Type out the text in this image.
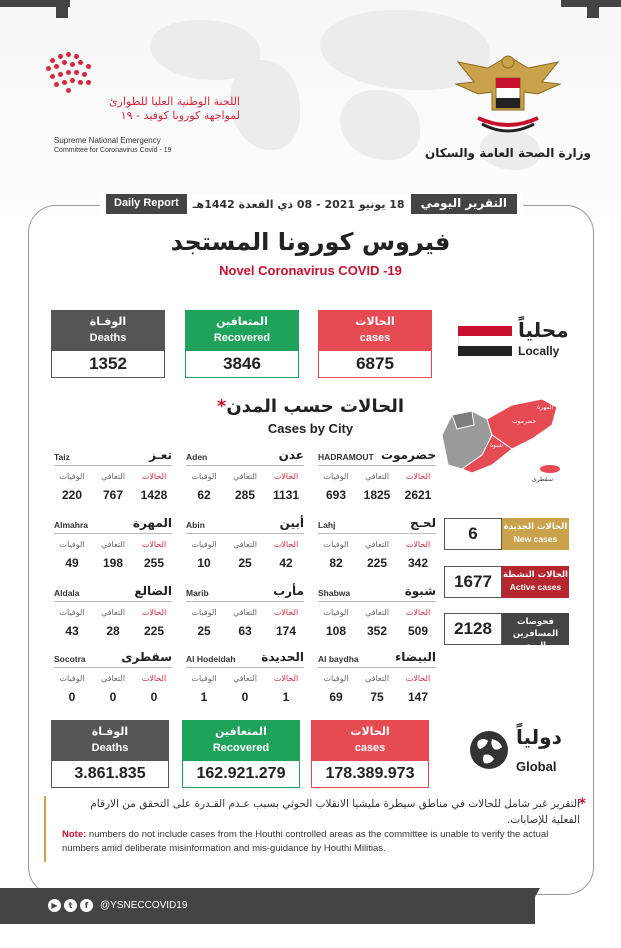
اللجنة الوطنية العليا للطوارئ
لمواجهة كورونا كوفيد - ١٩
Supreme National Emergency
Committee for Coronavirus Covid - 19	وزارة الصحة العامة والسكان
Daily Report	18 يونيو 2021 - 08 ذي القعدة 1442هـ	التقرير اليومي
فيروس كورونا المستجد
Novel Coronavirus COVID -19
الحالات
cases
6875
المتعافين
Recovered
3846
الوفـاة
Deaths
1352
محلياً
Locally
الحالات حسب المدن*
Cases by City	حضرموت
المهرة
شبوة
سقطرى
HADRAMOUT حضرموت
الوفيات	التعافي	الحالات
693	1825	2621
Aden	عدن
الوفيات	التعافي	الحالات
62	285	1131
Taiz	تعـز
الوفيات	التعافي	الحالات
220	767	1428
Lahj	لحـج
الوفيات	التعافي	الحالات
82	225	342
Abin	أبين
الوفيات	التعافي	الحالات
10	25	42
Almahra	المهرة
الوفيات	التعافي	الحالات
49	198	255
Shabwa	شبوة
الوفيات	التعافي	الحالات
108	352	509
Marib	مأرب
الوفيات	التعافي	الحالات
25	63	174
Aldala	الضالع
الوفيات	التعافي	الحالات
43	28	225
Al baydha	البيضاء
الوفيات	التعافي	الحالات
69	75	147
Al Hodeidah الحديدة
الوفيات	التعافي	الحالات
1	0	1
Socotra	سقطرى
الوفيات	التعافي	الحالات
0	0	0
6	الحالات الجديدة
New cases
1677	الحالات النشطة
Active cases
2128	فحوصات المسافرين اليوم
PCR
الحالات
cases
178.389.973
المتعافين
Recovered
162.921.279
الوفـاة
Deaths
3.861.835
دولياً
Global
*
التقرير غير شامل للحالات في مناطق سيطرة مليشيا الانقلاب الحوثي بسبب عـدم القـدرة على التحقق من الارقام الفعلية للإصابات.
Note: numbers do not include cases from the Houthi controlled areas as the committee is unable to verify the actual numbers amid deliberate misinformation and mis-guidance by Houthi Militias.
▶	t	f	@YSNECCOVID19
